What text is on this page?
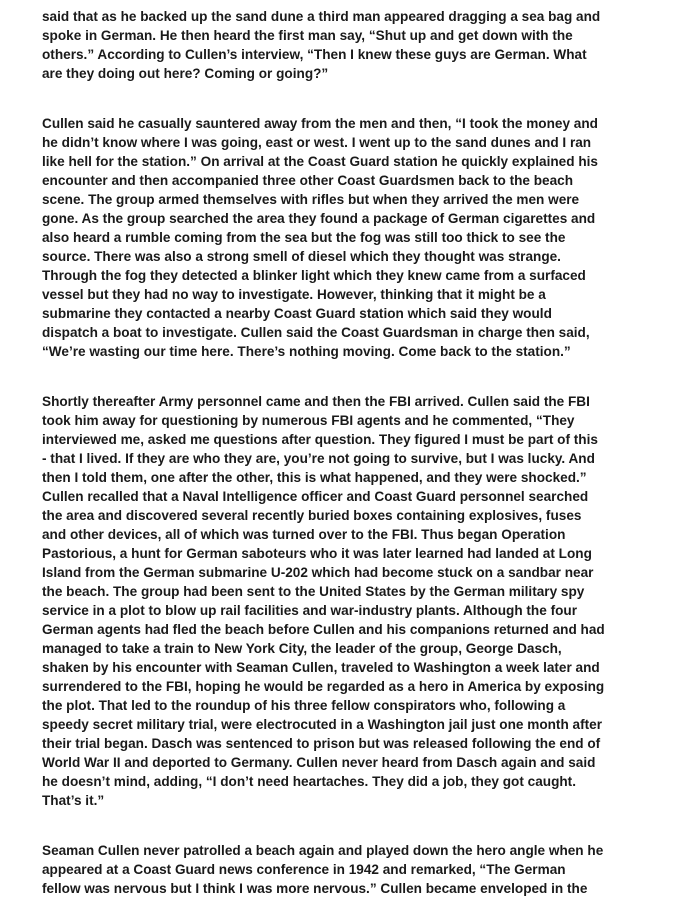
said that as he backed up the sand dune a third man appeared dragging a sea bag and

spoke in German. He then heard the first man say, “Shut up and get down with the

others.” According to Cullen’s interview, “Then I knew these guys are German. What

are they doing out here? Coming or going?”

Cullen said he casually sauntered away from the men and then, “I took the money and

he didn’t know where I was going, east or west. I went up to the sand dunes and I ran

like hell for the station.” On arrival at the Coast Guard station he quickly explained his

encounter and then accompanied three other Coast Guardsmen back to the beach

scene. The group armed themselves with rifles but when they arrived the men were

gone. As the group searched the area they found a package of German cigarettes and

also heard a rumble coming from the sea but the fog was still too thick to see the

source. There was also a strong smell of diesel which they thought was strange.

Through the fog they detected a blinker light which they knew came from a surfaced

vessel but they had no way to investigate. However, thinking that it might be a

submarine they contacted a nearby Coast Guard station which said they would

dispatch a boat to investigate. Cullen said the Coast Guardsman in charge then said,

“We’re wasting our time here. There’s nothing moving. Come back to the station.”

Shortly thereafter Army personnel came and then the FBI arrived. Cullen said the FBI

took him away for questioning by numerous FBI agents and he commented, “They

interviewed me, asked me questions after question. They figured I must be part of this

- that I lived. If they are who they are, you’re not going to survive, but I was lucky. And

then I told them, one after the other, this is what happened, and they were shocked.”

Cullen recalled that a Naval Intelligence officer and Coast Guard personnel searched

the area and discovered several recently buried boxes containing explosives, fuses

and other devices, all of which was turned over to the FBI. Thus began Operation

Pastorious, a hunt for German saboteurs who it was later learned had landed at Long

Island from the German submarine U-202 which had become stuck on a sandbar near

the beach. The group had been sent to the United States by the German military spy

service in a plot to blow up rail facilities and war-industry plants. Although the four

German agents had fled the beach before Cullen and his companions returned and had

managed to take a train to New York City, the leader of the group, George Dasch,

shaken by his encounter with Seaman Cullen, traveled to Washington a week later and

surrendered to the FBI, hoping he would be regarded as a hero in America by exposing

the plot. That led to the roundup of his three fellow conspirators who, following a

speedy secret military trial, were electrocuted in a Washington jail just one month after

their trial began. Dasch was sentenced to prison but was released following the end of

World War II and deported to Germany. Cullen never heard from Dasch again and said

he doesn’t mind, adding, “I don’t need heartaches. They did a job, they got caught.

That’s it.”

Seaman Cullen never patrolled a beach again and played down the hero angle when he

appeared at a Coast Guard news conference in 1942 and remarked, “The German

fellow was nervous but I think I was more nervous.” Cullen became enveloped in the
